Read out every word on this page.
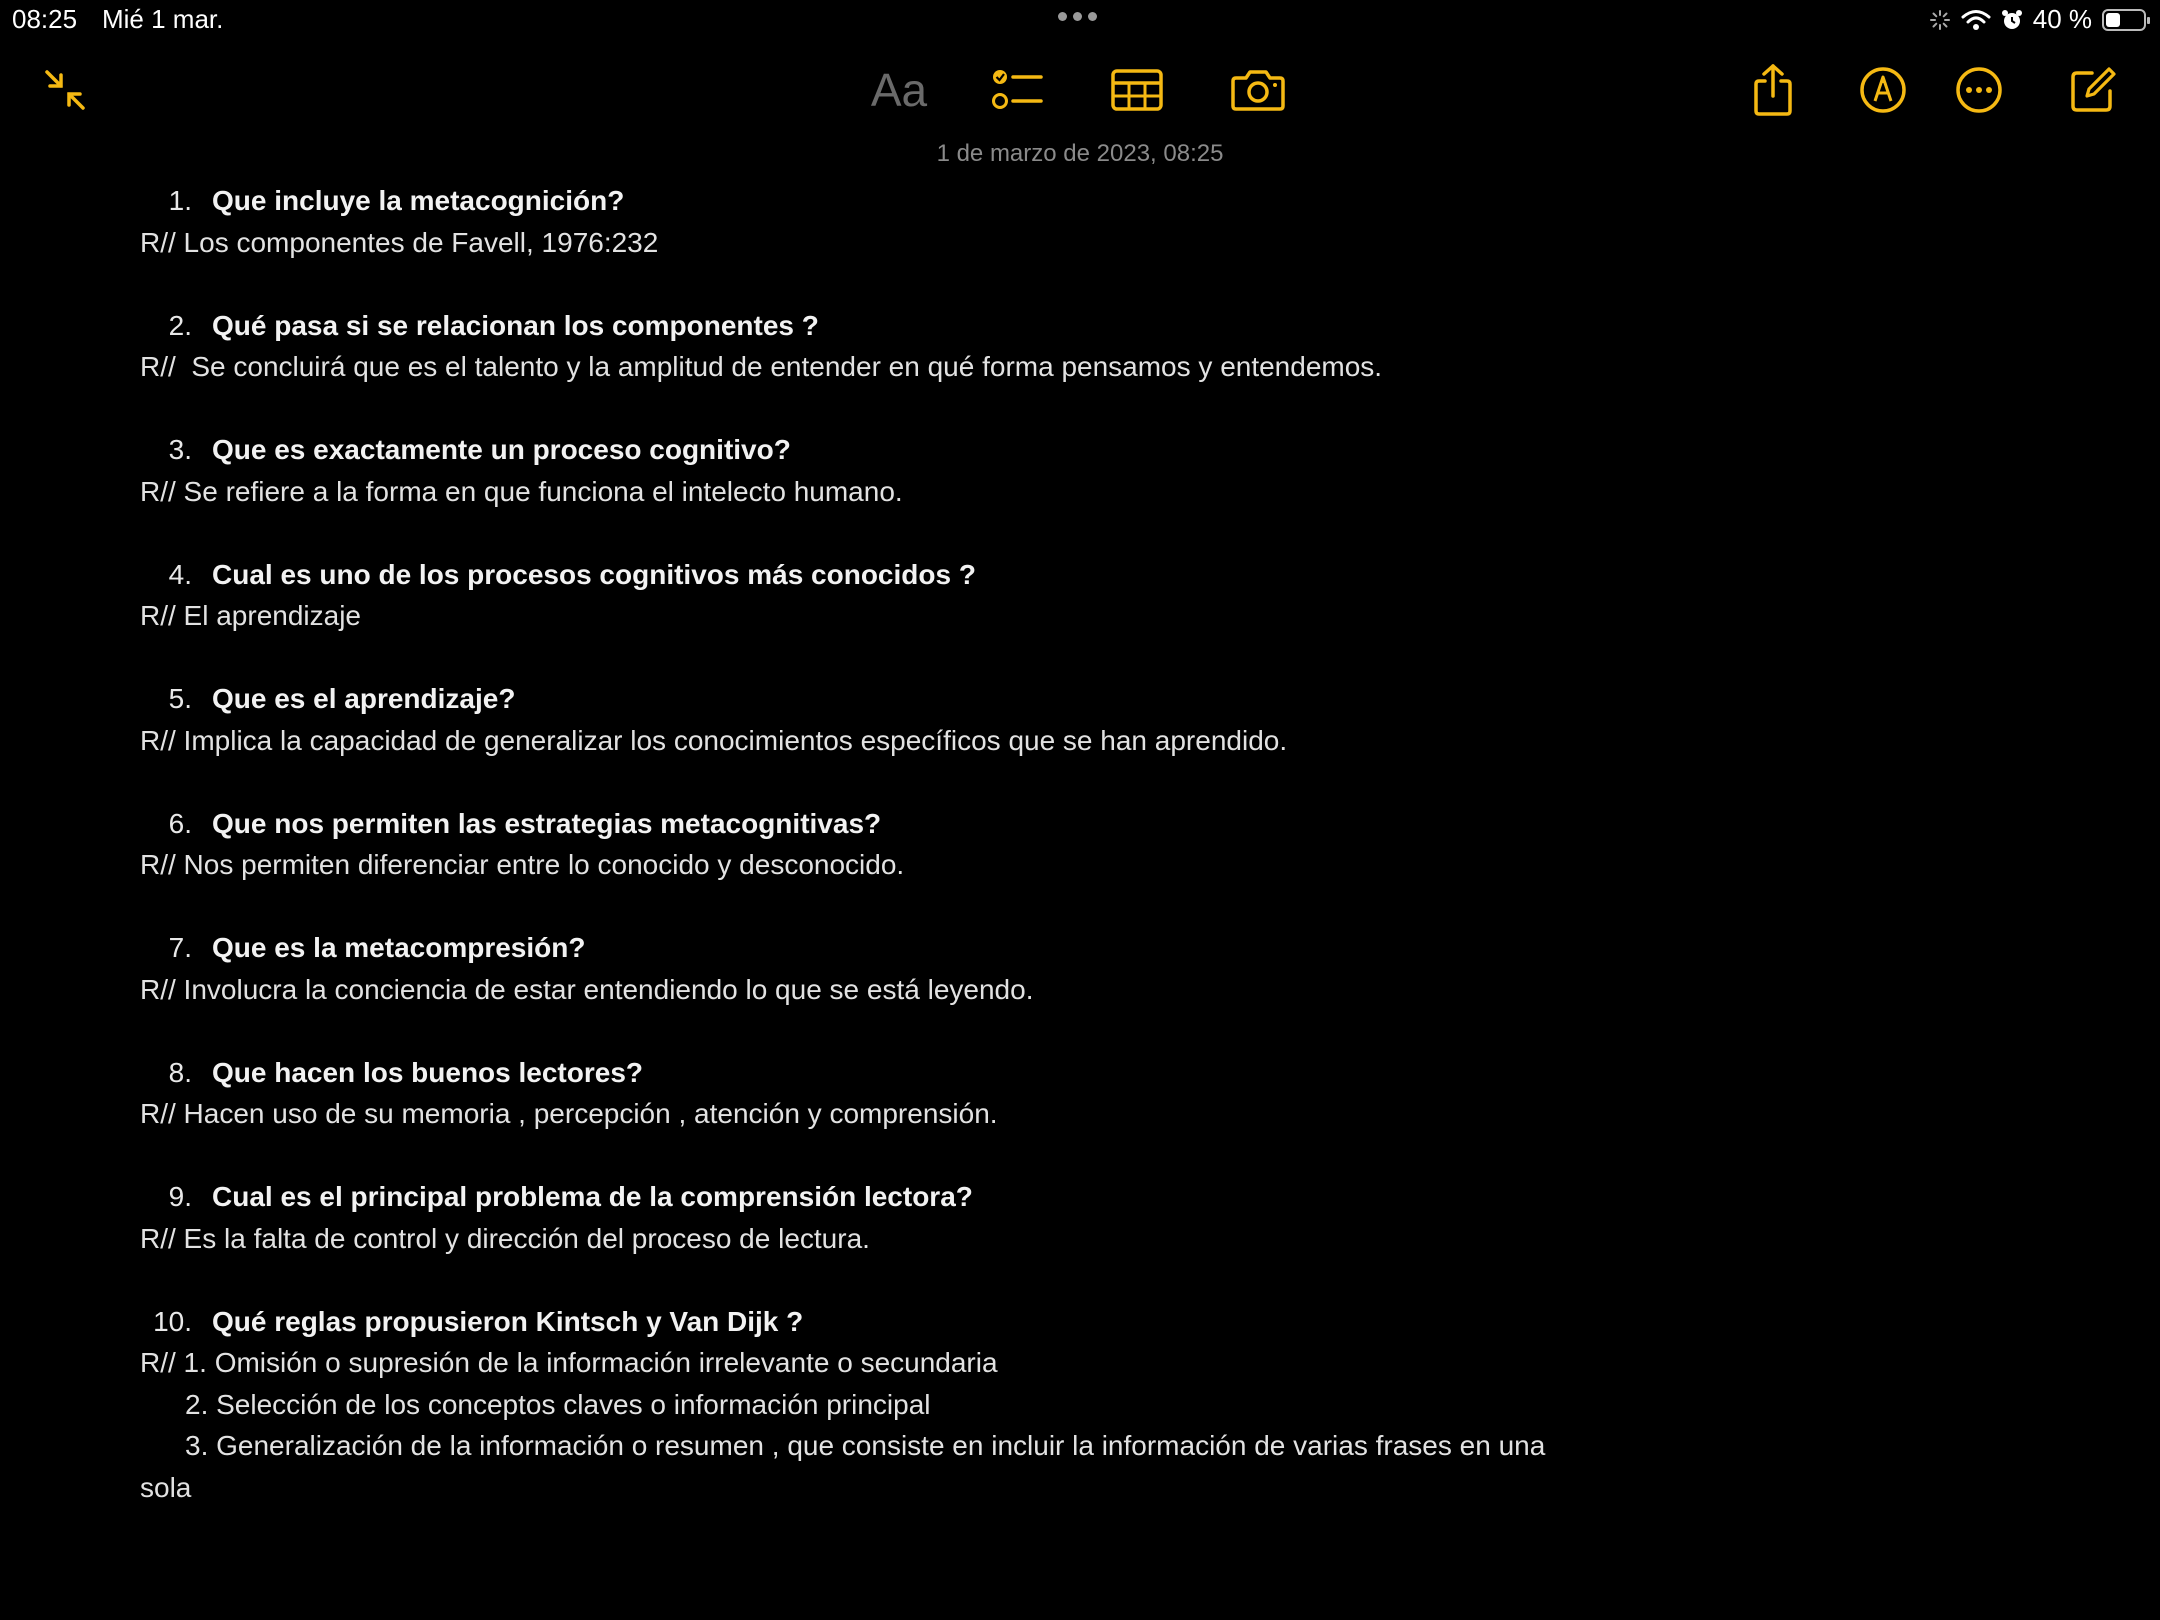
08:25 Mié 1 mar.	40 %
Aa
1 de marzo de 2023, 08:25
1. Que incluye la metacognición?
R// Los componentes de Favell, 1976:232
2. Qué pasa si se relacionan los componentes ?
R//  Se concluirá que es el talento y la amplitud de entender en qué forma pensamos y entendemos.
3. Que es exactamente un proceso cognitivo?
R// Se refiere a la forma en que funciona el intelecto humano.
4. Cual es uno de los procesos cognitivos más conocidos ?
R// El aprendizaje
5. Que es el aprendizaje?
R// Implica la capacidad de generalizar los conocimientos específicos que se han aprendido.
6. Que nos permiten las estrategias metacognitivas?
R// Nos permiten diferenciar entre lo conocido y desconocido.
7. Que es la metacompresión?
R// Involucra la conciencia de estar entendiendo lo que se está leyendo.
8. Que hacen los buenos lectores?
R// Hacen uso de su memoria , percepción , atención y comprensión.
9. Cual es el principal problema de la comprensión lectora?
R// Es la falta de control y dirección del proceso de lectura.
10. Qué reglas propusieron Kintsch y Van Dijk ?
R// 1. Omisión o supresión de la información irrelevante o secundaria
2. Selección de los conceptos claves o información principal
3. Generalización de la información o resumen , que consiste en incluir la información de varias frases en una
sola
